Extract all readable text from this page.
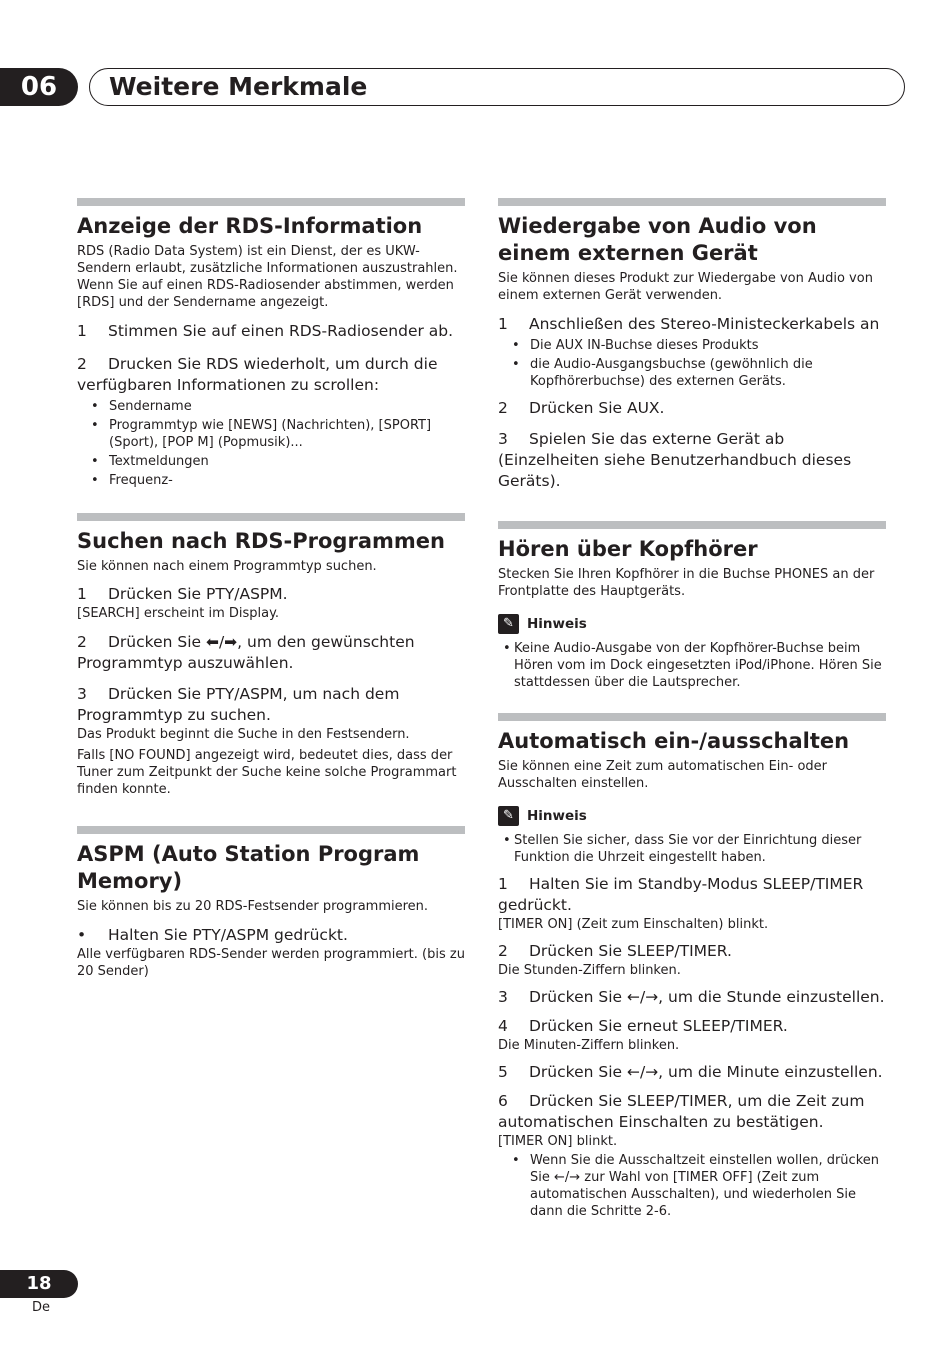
06	Weitere Merkmale
Anzeige der RDS-Information

RDS (Radio Data System) ist ein Dienst, der es UKW-Sendern erlaubt, zusätzliche Informationen auszustrahlen. Wenn Sie auf einen RDS-Radiosender abstimmen, werden [RDS] und der Sendername angezeigt.

1 Stimmen Sie auf einen RDS-Radiosender ab.
2 Drucken Sie RDS wiederholt, um durch die verfügbaren Informationen zu scrollen:
• Sendername
• Programmtyp wie [NEWS] (Nachrichten), [SPORT] (Sport), [POP M] (Popmusik)...
• Textmeldungen
• Frequenz-
Suchen nach RDS-Programmen

Sie können nach einem Programmtyp suchen.

1 Drücken Sie PTY/ASPM.

[SEARCH] erscheint im Display.

2 Drücken Sie ⬅/➡, um den gewünschten Programmtyp auszuwählen.
3 Drücken Sie PTY/ASPM, um nach dem Programmtyp zu suchen.

Das Produkt beginnt die Suche in den Festsendern.

Falls [NO FOUND] angezeigt wird, bedeutet dies, dass der Tuner zum Zeitpunkt der Suche keine solche Programmart finden konnte.

ASPM (Auto Station Program Memory)

Sie können bis zu 20 RDS-Festsender programmieren.

• Halten Sie PTY/ASPM gedrückt.

Alle verfügbaren RDS-Sender werden programmiert. (bis zu 20 Sender)

Wiedergabe von Audio von einem externen Gerät

Sie können dieses Produkt zur Wiedergabe von Audio von einem externen Gerät verwenden.

1 Anschließen des Stereo-Ministeckerkabels an
• Die AUX IN-Buchse dieses Produkts
• die Audio-Ausgangsbuchse (gewöhnlich die Kopfhörerbuchse) des externen Geräts.
2 Drücken Sie AUX.
3 Spielen Sie das externe Gerät ab (Einzelheiten siehe Benutzerhandbuch dieses Geräts).
Hören über Kopfhörer

Stecken Sie Ihren Kopfhörer in die Buchse PHONES an der Frontplatte des Hauptgeräts.

✎ Hinweis
• Keine Audio-Ausgabe von der Kopfhörer-Buchse beim Hören vom im Dock eingesetzten iPod/iPhone. Hören Sie stattdessen über die Lautsprecher.
Automatisch ein-/ausschalten

Sie können eine Zeit zum automatischen Ein- oder Ausschalten einstellen.

✎ Hinweis
• Stellen Sie sicher, dass Sie vor der Einrichtung dieser Funktion die Uhrzeit eingestellt haben.
1 Halten Sie im Standby-Modus SLEEP/TIMER gedrückt.

[TIMER ON] (Zeit zum Einschalten) blinkt.

2 Drücken Sie SLEEP/TIMER.

Die Stunden-Ziffern blinken.

3 Drücken Sie ←/→, um die Stunde einzustellen.
4 Drücken Sie erneut SLEEP/TIMER.

Die Minuten-Ziffern blinken.

5 Drücken Sie ←/→, um die Minute einzustellen.
6 Drücken Sie SLEEP/TIMER, um die Zeit zum automatischen Einschalten zu bestätigen.

[TIMER ON] blinkt.

• Wenn Sie die Ausschaltzeit einstellen wollen, drücken Sie ←/→ zur Wahl von [TIMER OFF] (Zeit zum automatischen Ausschalten), und wiederholen Sie dann die Schritte 2-6.
18
De
